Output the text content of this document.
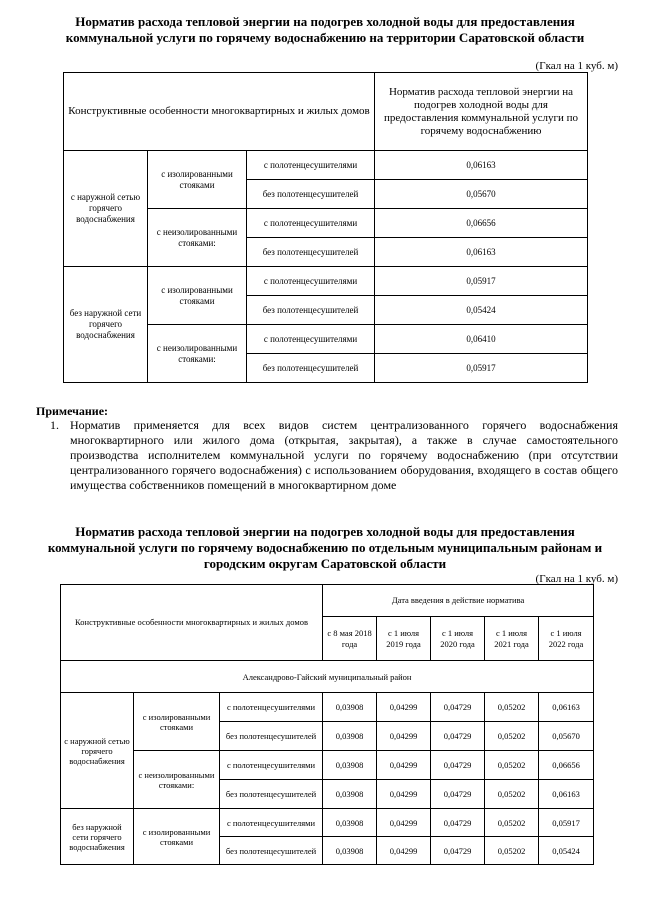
Норматив расхода тепловой энергии на подогрев холодной воды для предоставления коммунальной услуги по горячему водоснабжению на территории Саратовской области
(Гкал на 1 куб. м)
Конструктивные особенности многоквартирных и жилых домов			Норматив расхода тепловой энергии на подогрев холодной воды для предоставления коммунальной услуги по горячему водоснабжению
с наружной сетью горячего водоснабжения	с изолированными стояками	с полотенцесушителями	0,06163
		без полотенцесушителей	0,05670
	с неизолированными стояками:	с полотенцесушителями	0,06656
		без полотенцесушителей	0,06163
без наружной сети горячего водоснабжения	с изолированными стояками	с полотенцесушителями	0,05917
		без полотенцесушителей	0,05424
	с неизолированными стояками:	с полотенцесушителями	0,06410
		без полотенцесушителей	0,05917
Примечание:
1. Норматив применяется для всех видов систем централизованного горячего водоснабжения многоквартирного или жилого дома (открытая, закрытая), а также в случае самостоятельного производства исполнителем коммунальной услуги по горячему водоснабжению (при отсутствии централизованного горячего водоснабжения) с использованием оборудования, входящего в состав общего имущества собственников помещений в многоквартирном доме
Норматив расхода тепловой энергии на подогрев холодной воды для предоставления коммунальной услуги по горячему водоснабжению по отдельным муниципальным районам и городским округам Саратовской области
(Гкал на 1 куб. м)
Конструктивные особенности многоквартирных и жилых домов			Дата введения в действие норматива				
			с 8 мая 2018 года	с 1 июля 2019 года	с 1 июля 2020 года	с 1 июля 2021 года	с 1 июля 2022 года
Александрово-Гайский муниципальный район							
с наружной сетью горячего водоснабжения	с изолированными стояками	с полотенцесушителями	0,03908	0,04299	0,04729	0,05202	0,06163
		без полотенцесушителей	0,03908	0,04299	0,04729	0,05202	0,05670
	с неизолированными стояками:	с полотенцесушителями	0,03908	0,04299	0,04729	0,05202	0,06656
		без полотенцесушителей	0,03908	0,04299	0,04729	0,05202	0,06163
без наружной сети горячего водоснабжения	с изолированными стояками	с полотенцесушителями	0,03908	0,04299	0,04729	0,05202	0,05917
		без полотенцесушителей	0,03908	0,04299	0,04729	0,05202	0,05424
